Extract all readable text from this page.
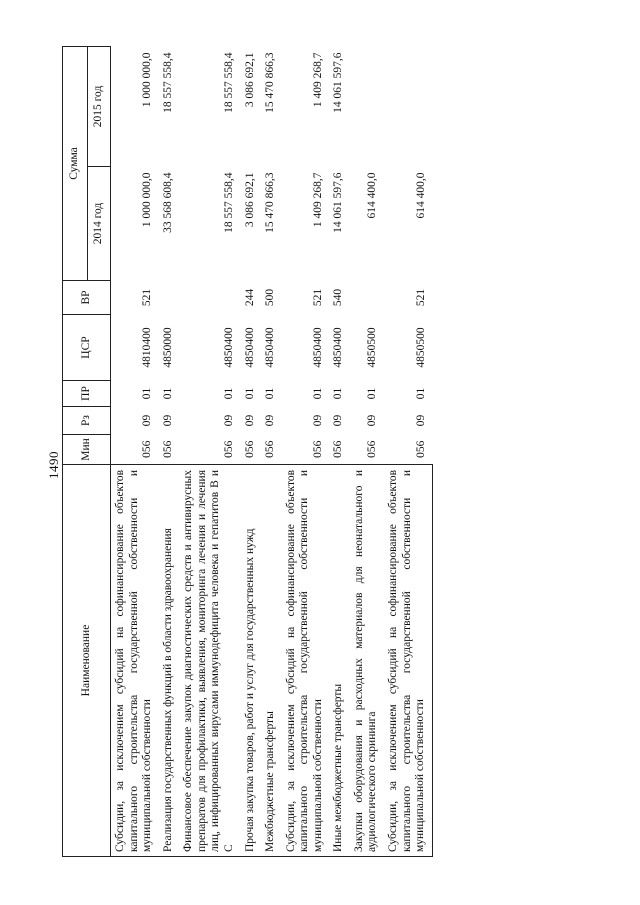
1490
Наименование	Мин	Рз	ПР	ЦСР	ВР	Сумма	
						2014 год	2015 год
Субсидии, за исключением субсидий на софинансирование объектов капитального строительства государственной собственности и муниципальной собственности	056	09	01	4810400	521	1 000 000,0	1 000 000,0
Реализация государственных функций в области здравоохранения	056	09	01	4850000		33 568 608,4	18 557 558,4
Финансовое обеспечение закупок диагностических средств и антивирусных препаратов для профилактики, выявления, мониторинга лечения и лечения лиц, инфицированных вирусами иммунодефицита человека и гепатитов В и С	056	09	01	4850400		18 557 558,4	18 557 558,4
Прочая закупка товаров, работ и услуг для государственных нужд	056	09	01	4850400	244	3 086 692,1	3 086 692,1
Межбюджетные трансферты	056	09	01	4850400	500	15 470 866,3	15 470 866,3
Субсидии, за исключением субсидий на софинансирование объектов капитального строительства государственной собственности и муниципальной собственности	056	09	01	4850400	521	1 409 268,7	1 409 268,7
Иные межбюджетные трансферты	056	09	01	4850400	540	14 061 597,6	14 061 597,6
Закупки оборудования и расходных материалов для неонатального и аудиологического скрининга	056	09	01	4850500		614 400,0	
Субсидии, за исключением субсидий на софинансирование объектов капитального строительства государственной собственности и муниципальной собственности	056	09	01	4850500	521	614 400,0	
